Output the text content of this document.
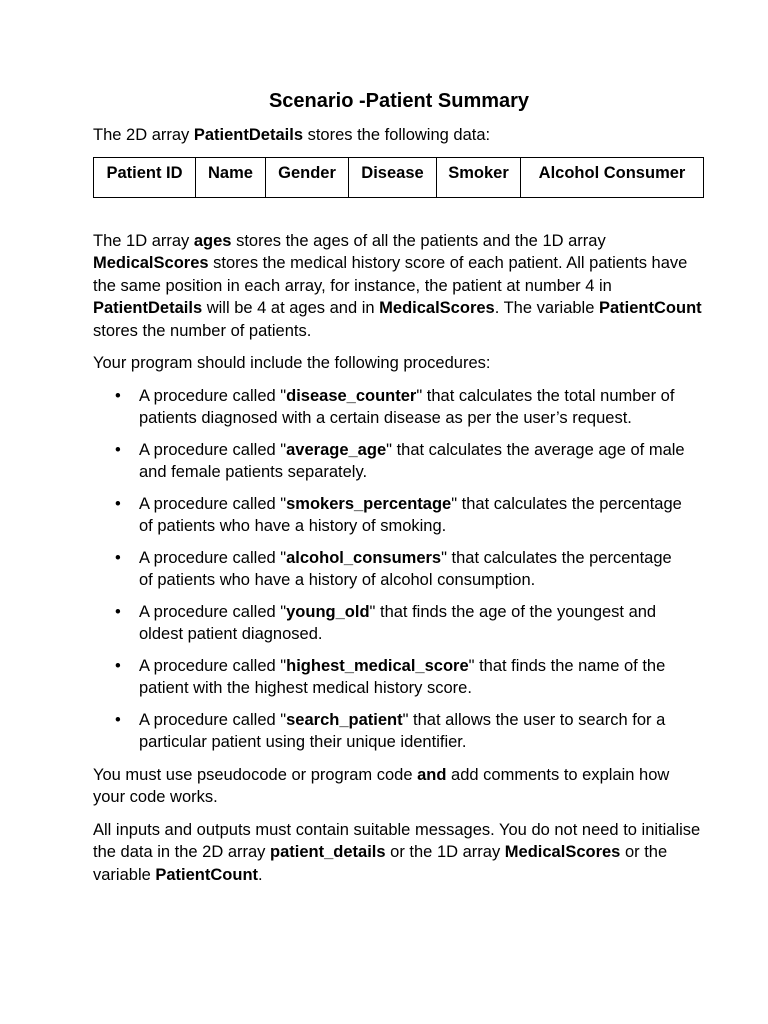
Scenario -Patient Summary

The 2D array PatientDetails stores the following data:

Patient ID	Name	Gender	Disease	Smoker	Alcohol Consumer

The 1D array ages stores the ages of all the patients and the 1D array MedicalScores stores the medical history score of each patient. All patients have the same position in each array, for instance, the patient at number 4 in PatientDetails will be 4 at ages and in MedicalScores. The variable PatientCount stores the number of patients.

Your program should include the following procedures:

• A procedure called "disease_counter" that calculates the total number of patients diagnosed with a certain disease as per the user’s request.
• A procedure called "average_age" that calculates the average age of male and female patients separately.
• A procedure called "smokers_percentage" that calculates the percentage of patients who have a history of smoking.
• A procedure called "alcohol_consumers" that calculates the percentage of patients who have a history of alcohol consumption.
• A procedure called "young_old" that finds the age of the youngest and oldest patient diagnosed.
• A procedure called "highest_medical_score" that finds the name of the patient with the highest medical history score.
• A procedure called "search_patient" that allows the user to search for a particular patient using their unique identifier.

You must use pseudocode or program code and add comments to explain how your code works.

All inputs and outputs must contain suitable messages. You do not need to initialise the data in the 2D array patient_details or the 1D array MedicalScores or the variable PatientCount.
